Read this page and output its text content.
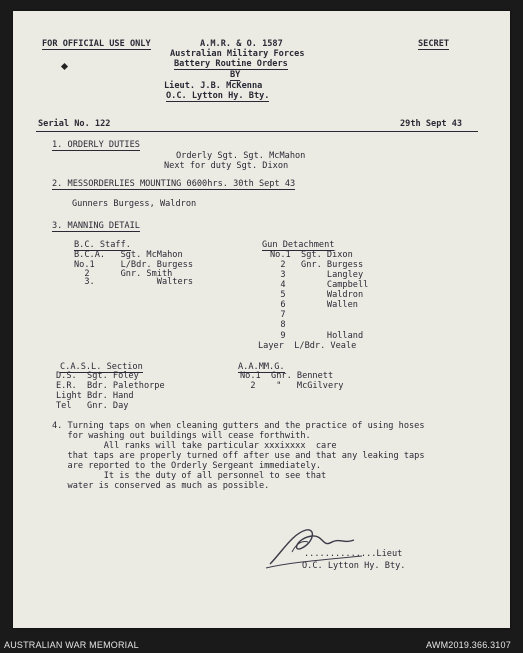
FOR OFFICIAL USE ONLY	A.M.R. & O. 1587	SECRET
Australian Military Forces
Battery Routine Orders
BY
Lieut. J.B. McKenna
O.C. Lytton Hy. Bty.
Serial No. 122	29th Sept 43
1. ORDERLY DUTIES
Orderly Sgt. Sgt. McMahon
Next for duty Sgt. Dixon
2. MESSORDERLIES MOUNTING 0600hrs. 30th Sept 43
Gunners Burgess, Waldron
3. MANNING DETAIL
B.C. Staff.
B.C.A.   Sgt. McMahon
No.1     L/Bdr. Burgess
2      Gnr. Smith
3.            Walters
Gun Detachment
No.1  Sgt. Dixon
2   Gnr. Burgess
3        Langley
4        Campbell
5        Waldron
6        Wallen
7
8
9        Holland
Layer  L/Bdr. Veale
C.A.S.L. Section
D.S.  Sgt. Foley
E.R.  Bdr. Palethorpe
Light Bdr. Hand
Tel   Gnr. Day
A.A.MM.G.
No.1  Gnr. Bennett
2    "   McGilvery
4. Turning taps on when cleaning gutters and the practice of using hoses
for washing out buildings will cease forthwith.
All ranks will take particular xxxixxxx  care
that taps are properly turned off after use and that any leaking taps
are reported to the Orderly Sergeant immediately.
It is the duty of all personnel to see that
water is conserved as much as possible.
..............Lieut
O.C. Lytton Hy. Bty.
AUSTRALIAN WAR MEMORIAL	AWM2019.366.3107
